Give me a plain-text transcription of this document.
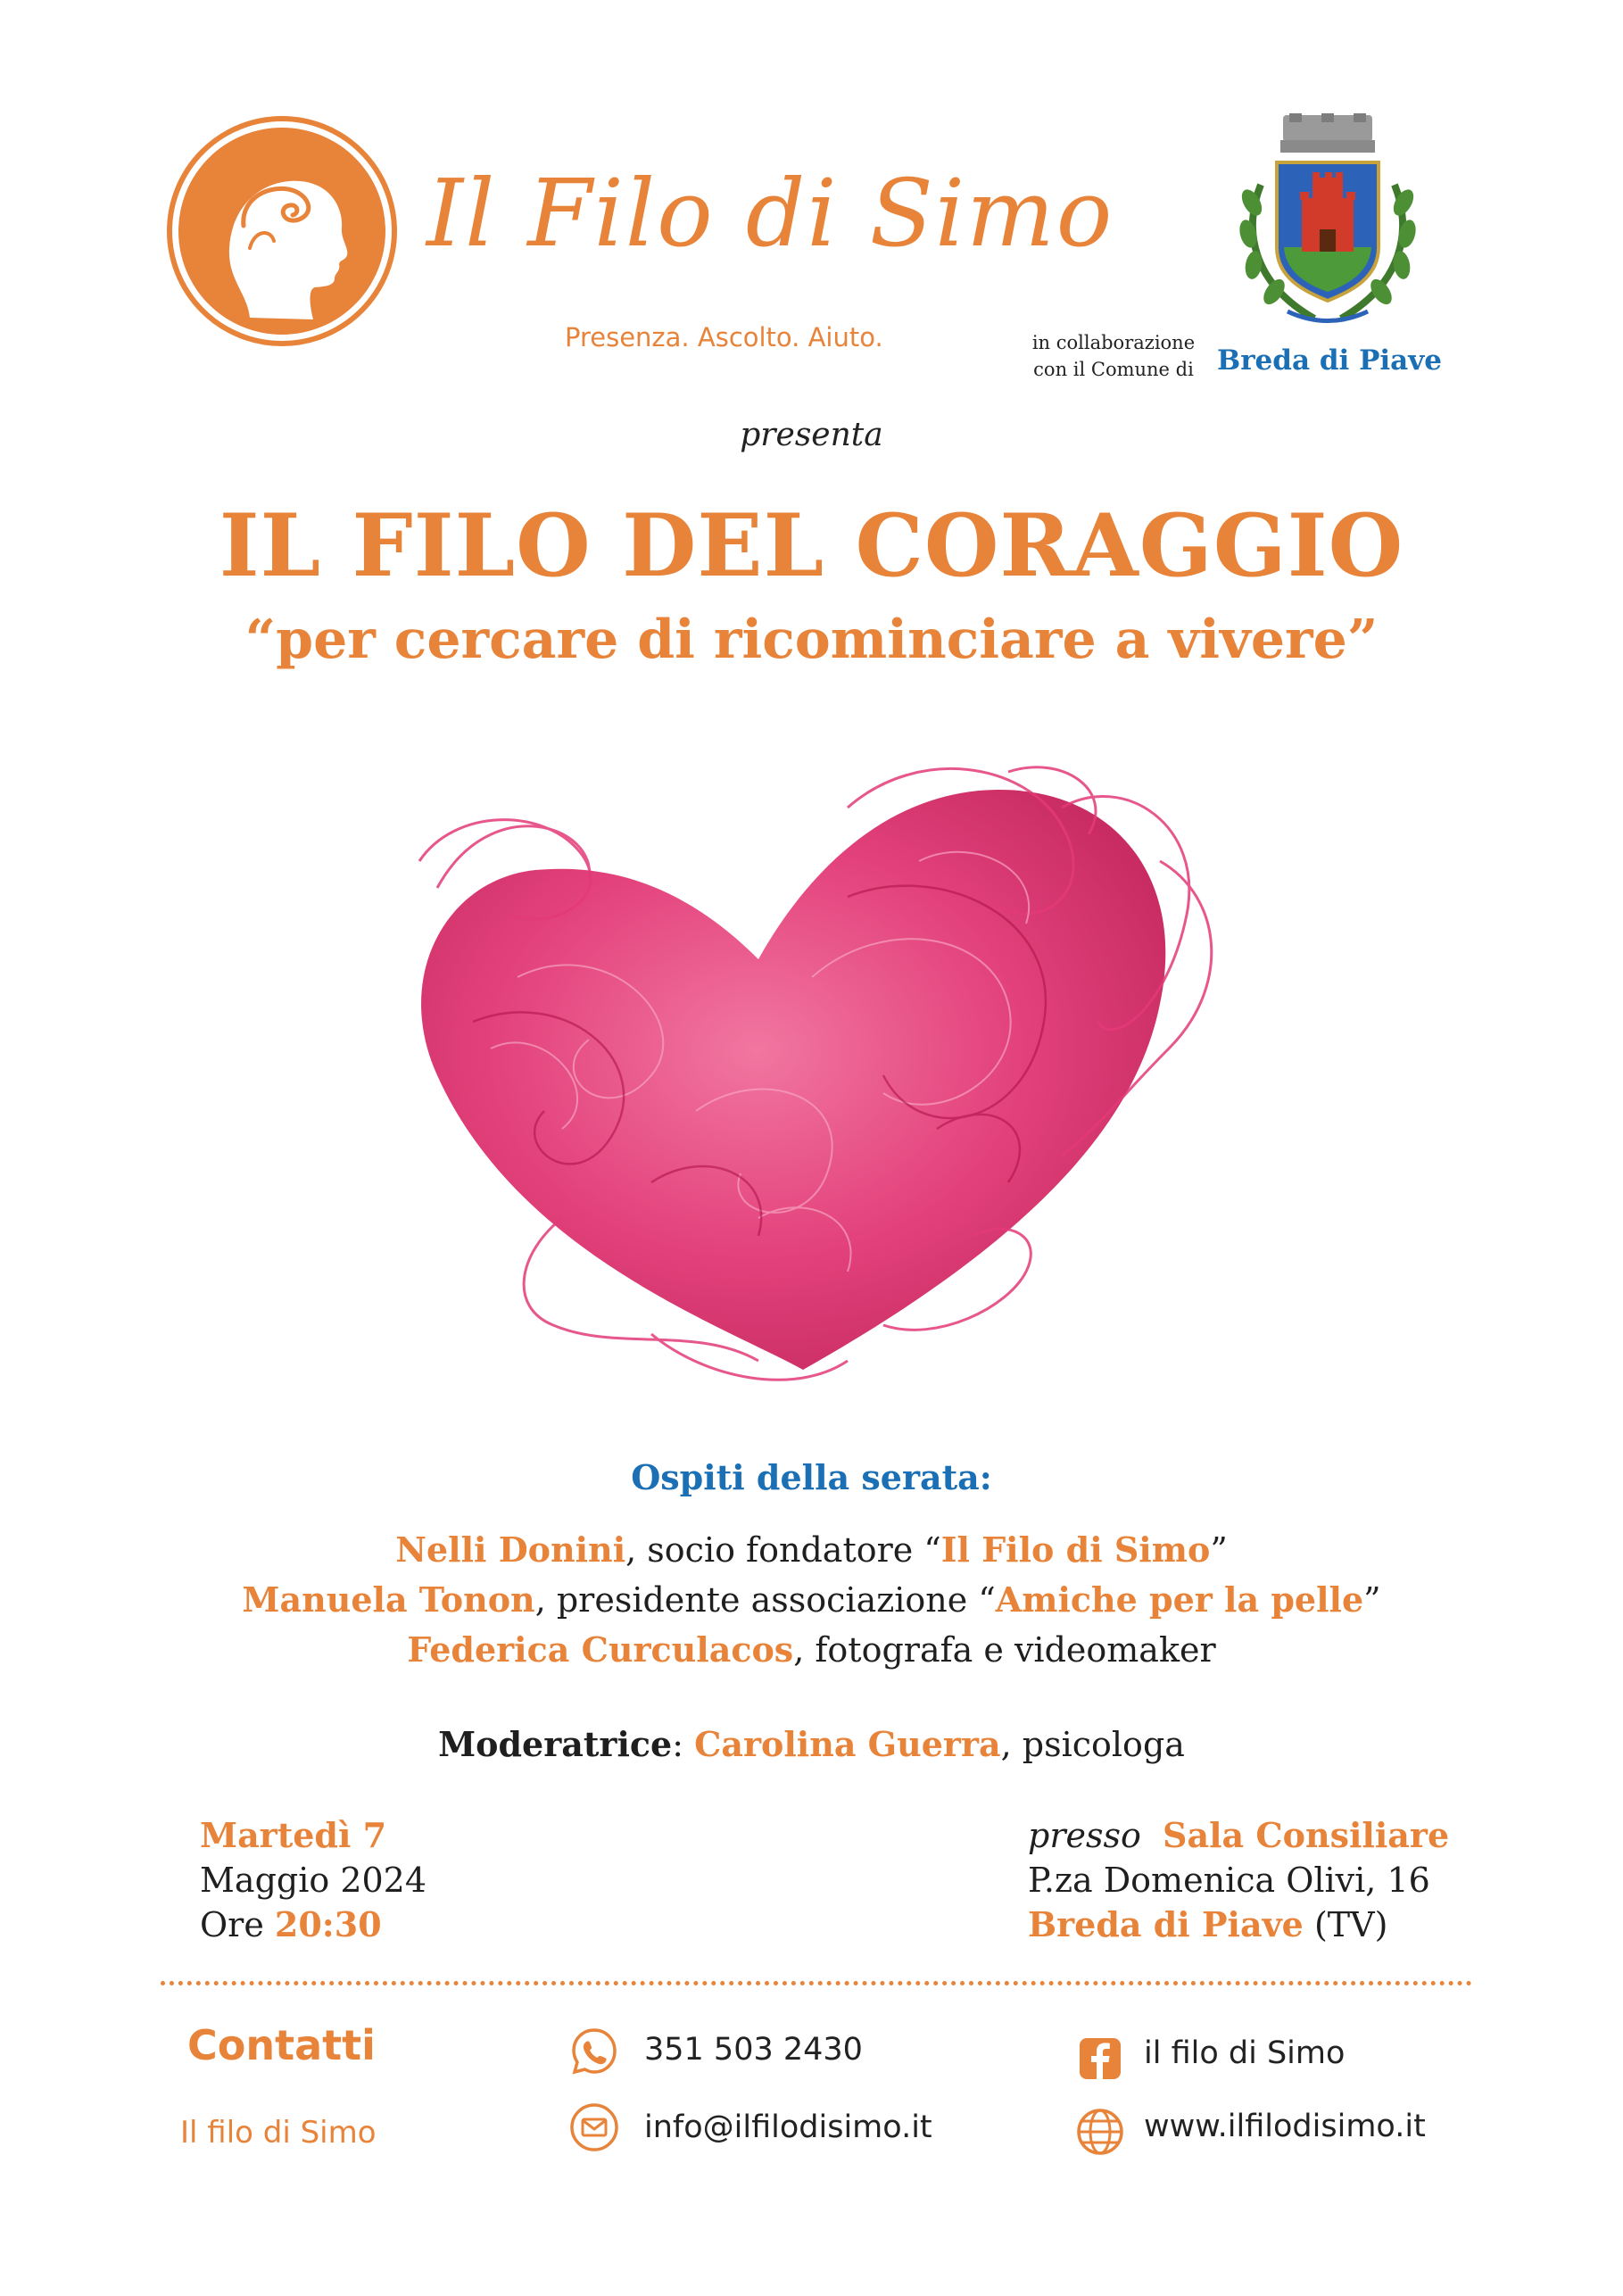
Il Filo di Simo
Presenza. Ascolto. Aiuto.	in collaborazione
con il Comune di Breda di Piave
presenta
IL FILO DEL CORAGGIO
“per cercare di ricominciare a vivere”
Ospiti della serata:
Nelli Donini, socio fondatore “Il Filo di Simo”
Manuela Tonon, presidente associazione “Amiche per la pelle”
Federica Curculacos, fotografa e videomaker
Moderatrice: Carolina Guerra, psicologa
Martedì 7
Maggio 2024
Ore 20:30
presso Sala Consiliare
P.za Domenica Olivi, 16
Breda di Piave (TV)
Contatti
Il filo di Simo
351 503 2430
info@ilfilodisimo.it
il filo di Simo
www.ilfilodisimo.it
